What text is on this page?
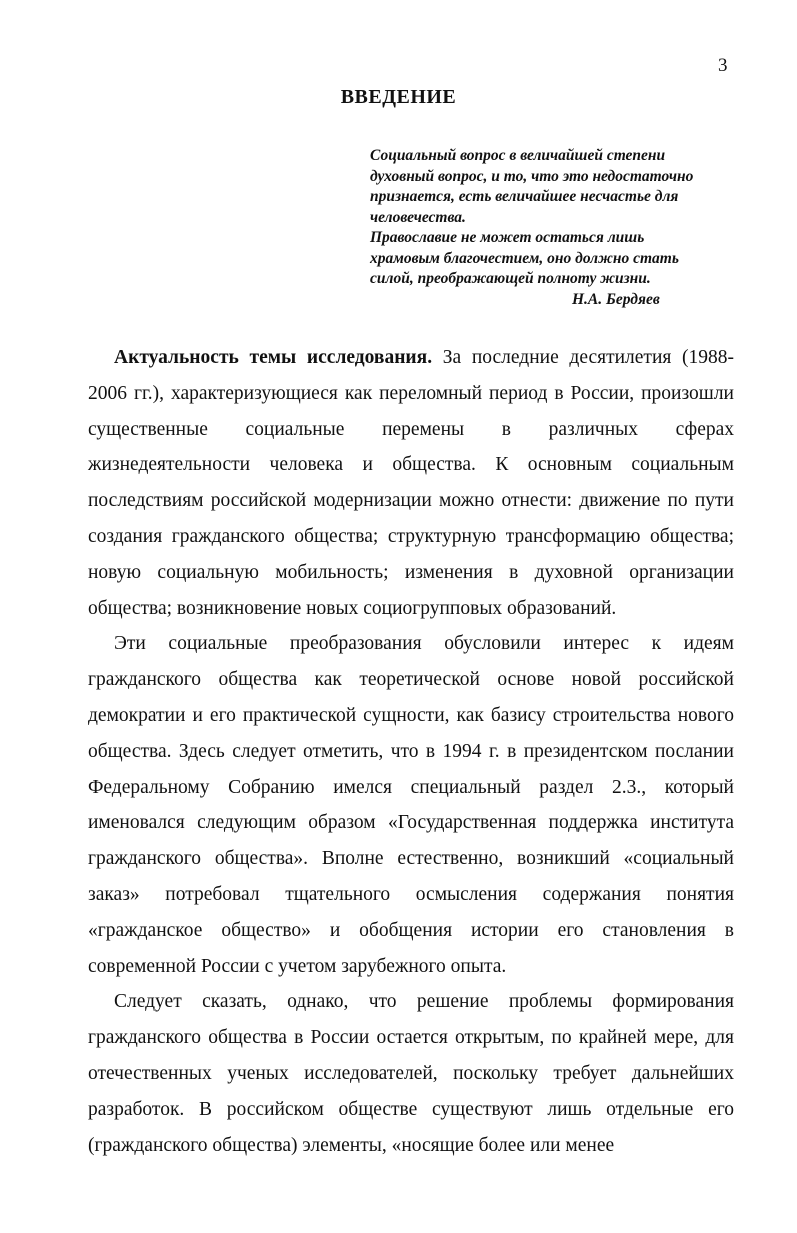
3
ВВЕДЕНИЕ
Социальный вопрос в величайшей степени
духовный вопрос, и то, что это недостаточно
признается, есть величайшее несчастье для
человечества.
Православие не может остаться лишь
храмовым благочестием, оно должно стать
силой, преображающей полноту жизни.
Н.А. Бердяев

Актуальность темы исследования. За последние десятилетия (1988-2006 гг.), характеризующиеся как переломный период в России, произошли существенные социальные перемены в различных сферах жизнедеятельности человека и общества. К основным социальным последствиям российской модернизации можно отнести: движение по пути создания гражданского общества; структурную трансформацию общества; новую социальную мобильность; изменения в духовной организации общества; возникновение новых социогрупповых образований.

Эти социальные преобразования обусловили интерес к идеям гражданского общества как теоретической основе новой российской демократии и его практической сущности, как базису строительства нового общества. Здесь следует отметить, что в 1994 г. в президентском послании Федеральному Собранию имелся специальный раздел 2.3., который именовался следующим образом «Государственная поддержка института гражданского общества». Вполне естественно, возникший «социальный заказ» потребовал тщательного осмысления содержания понятия «гражданское общество» и обобщения истории его становления в современной России с учетом зарубежного опыта.

Следует сказать, однако, что решение проблемы формирования гражданского общества в России остается открытым, по крайней мере, для отечественных ученых исследователей, поскольку требует дальнейших разработок. В российском обществе существуют лишь отдельные его (гражданского общества) элементы, «носящие более или менее
